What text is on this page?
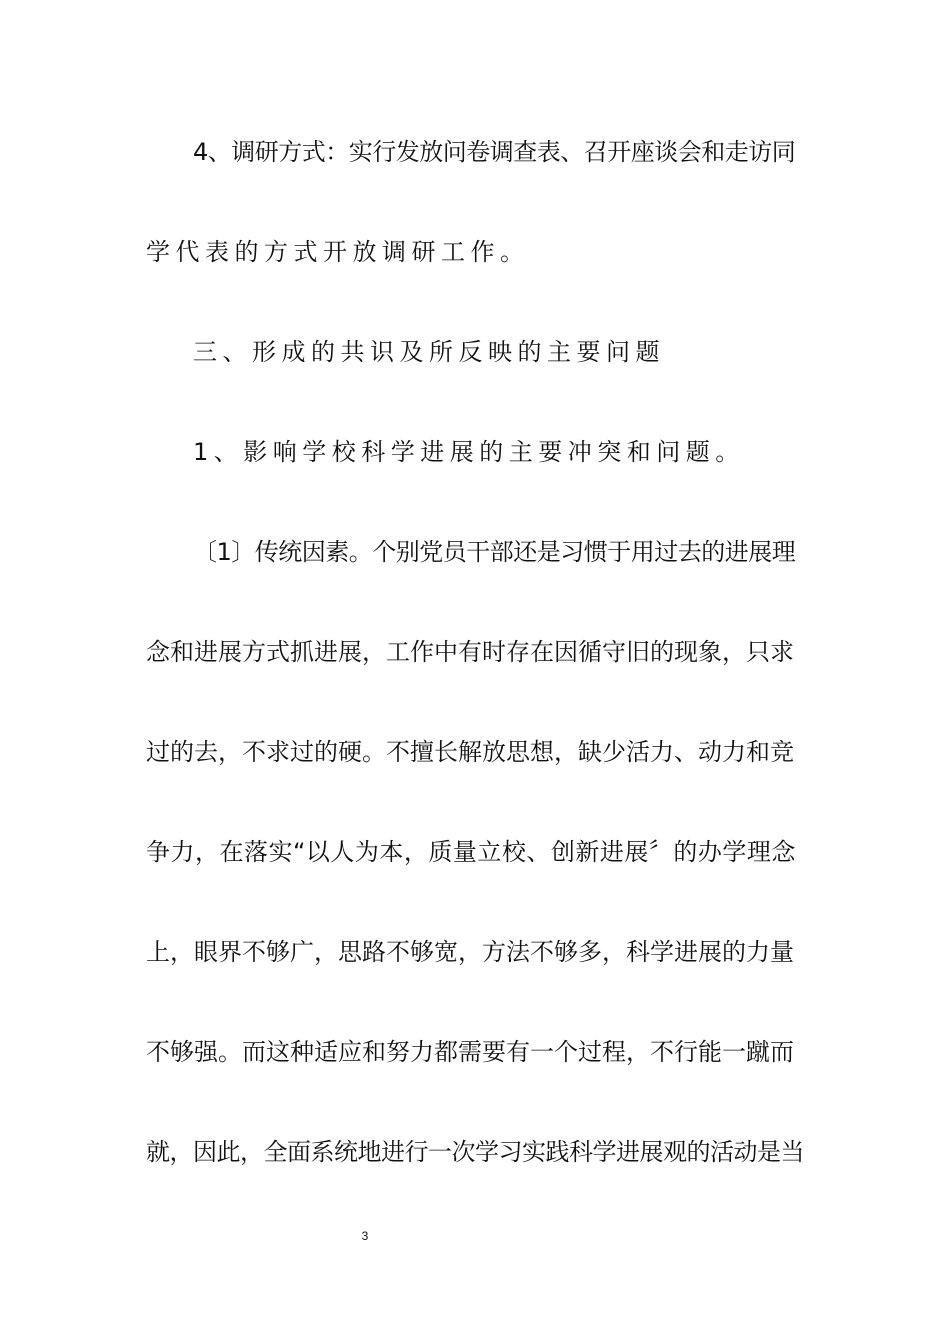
4、调研方式：实行发放问卷调查表、召开座谈会和走访同
学代表的方式开放调研工作。
三、形成的共识及所反映的主要问题
1、影响学校科学进展的主要冲突和问题。
〔1〕传统因素。个别党员干部还是习惯于用过去的进展理
念和进展方式抓进展，工作中有时存在因循守旧的现象，只求
过的去，不求过的硬。不擅长解放思想，缺少活力、动力和竞
争力，在落实“以人为本，质量立校、创新进展〞的办学理念
上，眼界不够广，思路不够宽，方法不够多，科学进展的力量
不够强。而这种适应和努力都需要有一个过程，不行能一蹴而
就，因此，全面系统地进行一次学习实践科学进展观的活动是当
3
